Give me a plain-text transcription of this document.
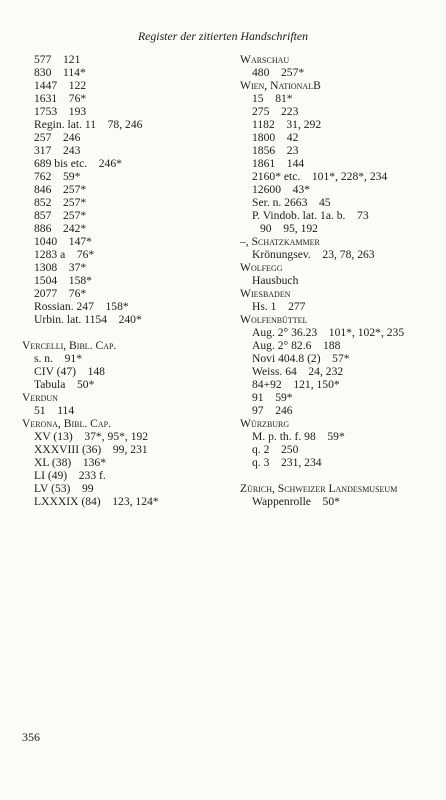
Register der zitierten Handschriften
577    121
830    114*
1447    122
1631    76*
1753    193
Regin. lat. 11    78, 246
257    246
317    243
689 bis etc.    246*
762    59*
846    257*
852    257*
857    257*
886    242*
1040    147*
1283 a    76*
1308    37*
1504    158*
2077    76*
Rossian. 247    158*
Urbin. lat. 1154    240*
Vercelli, Bibl. Cap.
s. n.    91*
CIV (47)    148
Tabula    50*
Verdun
51    114
Verona, Bibl. Cap.
XV (13)    37*, 95*, 192
XXXVIII (36)    99, 231
XL (38)    136*
LI (49)    233 f.
LV (53)    99
LXXXIX (84)    123, 124*
Warschau
480    257*
Wien, NationalB
15    81*
275    223
1182    31, 292
1800    42
1856    23
1861    144
2160* etc.    101*, 228*, 234
12600    43*
Ser. n. 2663    45
P. Vindob. lat. 1a. b.    73
90    95, 192
–, Schatzkammer
Krönungsev.    23, 78, 263
Wolfegg
Hausbuch
Wiesbaden
Hs. 1    277
Wolfenbüttel
Aug. 2° 36.23    101*, 102*, 235
Aug. 2° 82.6    188
Novi 404.8 (2)    57*
Weiss. 64    24, 232
84+92    121, 150*
91    59*
97    246
Würzburg
M. p. th. f. 98    59*
q. 2    250
q. 3    231, 234
Zürich, Schweizer Landesmuseum
Wappenrolle    50*
356
